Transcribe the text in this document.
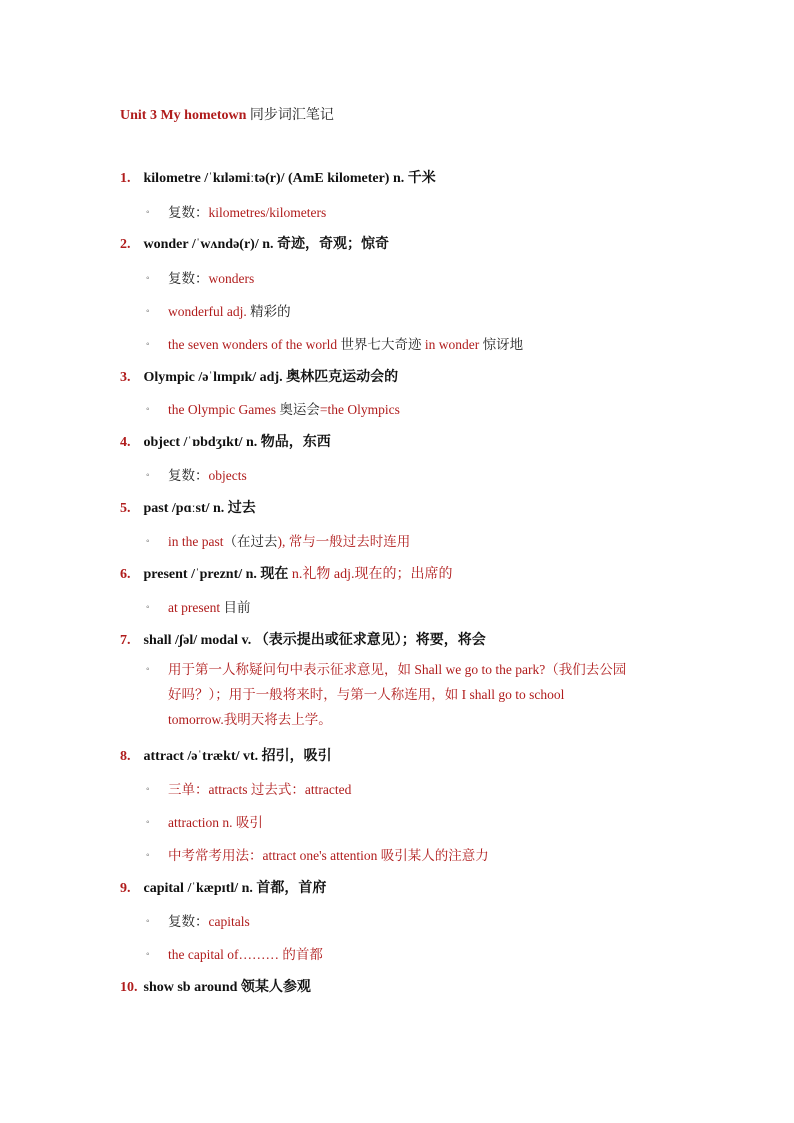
Unit 3 My hometown 同步词汇笔记
1. kilometre /ˈkɪləmiːtə(r)/ (AmE kilometer) n. 千米
◦ 复数：kilometres/kilometers
2. wonder /ˈwʌndə(r)/ n. 奇迹，奇观；惊奇
◦ 复数：wonders
◦ wonderful adj. 精彩的
◦ the seven wonders of the world 世界七大奇迹 in wonder 惊讶地
3. Olympic /əˈlɪmpɪk/ adj. 奥林匹克运动会的
◦ the Olympic Games 奥运会=the Olympics
4. object /ˈɒbdʒɪkt/ n. 物品，东西
◦ 复数：objects
5. past /pɑːst/ n. 过去
◦ in the past（在过去), 常与一般过去时连用
6. present /ˈpreznt/ n. 现在 n.礼物 adj.现在的；出席的
◦ at present 目前
7. shall /ʃəl/ modal v. （表示提出或征求意见）；将要，将会
◦	用于第一人称疑问句中表示征求意见，如 Shall we go to the park?（我们去公园
好吗？）；用于一般将来时，与第一人称连用，如 I shall go to school
tomorrow.我明天将去上学。
8. attract /əˈtrækt/ vt. 招引，吸引
◦ 三单：attracts 过去式：attracted
◦ attraction n. 吸引
◦ 中考常考用法：attract one's attention 吸引某人的注意力
9. capital /ˈkæpɪtl/ n. 首都，首府
◦ 复数：capitals
◦ the capital of……… 的首都
10. show sb around 领某人参观
